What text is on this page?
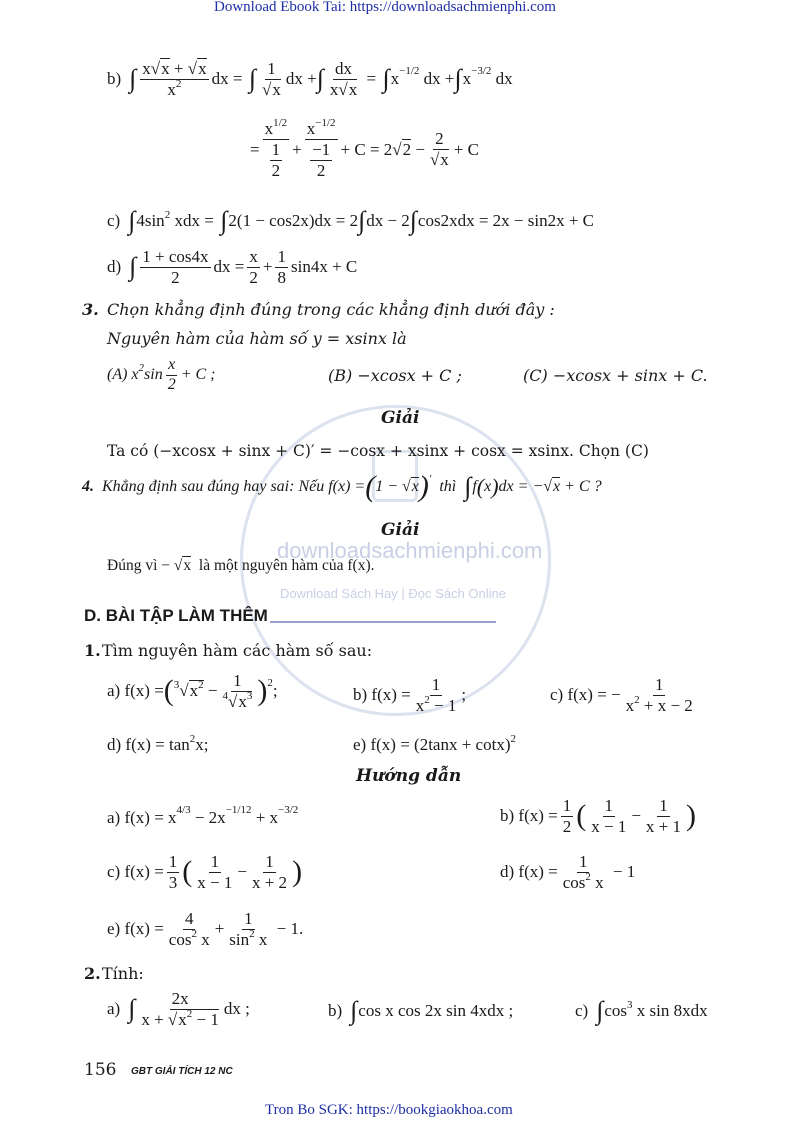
Download Ebook Tai: https://downloadsachmienphi.com
Tron Bo SGK: https://bookgiaokhoa.com
downloadsachmienphi.com
Download Sách Hay | Đọc Sách Online
b) ∫ $\frac{x√x + √x}{x^2}$ dx = ∫ $\frac{1}{√x}$ dx + ∫ $\frac{dx}{x√x}$ = ∫ x −1/2 dx + ∫ x −3/2 dx
= $\frac{x^{1/2}}{\frac{1}{2}} + \frac{x^{-1/2}}{\frac{-1}{2}} + C = 2√2 - \frac{2}{√x} + C$
c) ∫ $4\sin^2$ xdx = ∫ 2(1 − cos2x)dx = 2 ∫ dx − 2 ∫ cos2xdx = 2x − sin2x + C
d) ∫ $\frac{1 + \cos 4x}{2}$ dx = $\frac{x}{2} + \frac{1}{8} \sin 4x + C$
3. Chọn khẳng định đúng trong các khẳng định dưới đây :
Nguyên hàm của hàm số y = xsinx là
(A) $x^2\sin \frac{x}{2} + C$ ;	(B) −xcosx + C ;	(C) −xcosx + sinx + C.
Giải
Ta có (−xcosx + sinx + C)′ = −cosx + xsinx + cosx = xsinx. Chọn (C)
4. Khẳng định sau đúng hay sai: Nếu f(x) = ( 1 − √x ) ′
thì
∫ f ( x ) dx = −√x + C ?
Giải
Đúng vì − √x là một nguyên hàm của f(x).
D. BÀI TẬP LÀM THÊM
1. Tìm nguyên hàm các hàm số sau:
a) f(x) = ( $^3√x^2 - \frac{1}{^4√x^3}$ ) 2 ;	b) $f(x) = \frac{1}{x^2 - 1}$ ;	c) f(x) = − $\frac{1}{x^2 + x - 2}$
d) $f(x) = \tan^2x$;	e) $f(x) = (2\tan x + \cot x)^2$
Hướng dẫn
a) f(x) = x 4/3 − 2x −1/12 + x −3/2	b) $f(x) = \frac{1}{2}$ ( $\frac{1}{x - 1} - \frac{1}{x + 1}$ )
c) $f(x) = \frac{1}{3}$ ( $\frac{1}{x - 1} - \frac{1}{x + 2}$ )	d) $f(x) = \frac{1}{\cos^2 x} - 1$
e) $f(x) = \frac{4}{\cos^2 x} + \frac{1}{\sin^2 x} - 1$.
2. Tính:
a) ∫ $\frac{2x}{x + √x^2 - 1}$ dx ;	b) ∫ cos x cos 2x sin 4xdx ;	c) ∫ $\cos^3 x$ sin 8xdx
156 GBT GIẢI TÍCH 12 NC
